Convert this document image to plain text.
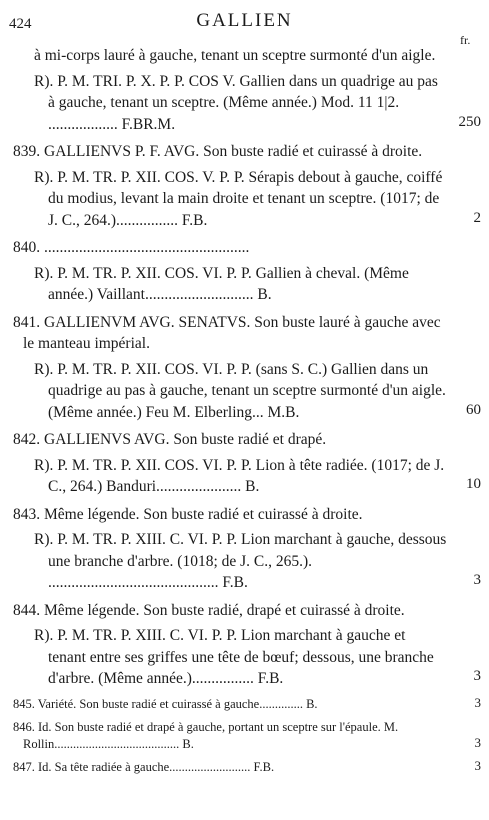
424	GALLIEN
fr.
à mi-corps lauré à gauche, tenant un sceptre surmonté d'un aigle.
R). P. M. TRI. P. X. P. P. COS V. Gallien dans un quadrige au pas à gauche, tenant un sceptre. (Même année.) Mod. 11 1|2. .................. F.BR.M.	250
839. GALLIENVS P. F. AVG. Son buste radié et cuirassé à droite.
R). P. M. TR. P. XII. COS. V. P. P. Sérapis debout à gauche, coiffé du modius, levant la main droite et tenant un sceptre. (1017; de J. C., 264.)................ F.B.	2
840. .....................................................
R). P. M. TR. P. XII. COS. VI. P. P. Gallien à cheval. (Même année.) Vaillant............................ B.
841. GALLIENVM AVG. SENATVS. Son buste lauré à gauche avec le manteau impérial.
R). P. M. TR. P. XII. COS. VI. P. P. (sans S. C.) Gallien dans un quadrige au pas à gauche, tenant un sceptre surmonté d'un aigle. (Même année.) Feu M. Elberling... M.B.	60
842. GALLIENVS AVG. Son buste radié et drapé.
R). P. M. TR. P. XII. COS. VI. P. P. Lion à tête radiée. (1017; de J. C., 264.) Banduri...................... B.	10
843. Même légende. Son buste radié et cuirassé à droite.
R). P. M. TR. P. XIII. C. VI. P. P. Lion marchant à gauche, dessous une branche d'arbre. (1018; de J. C., 265.). ............................................ F.B.	3
844. Même légende. Son buste radié, drapé et cuirassé à droite.
R). P. M. TR. P. XIII. C. VI. P. P. Lion marchant à gauche et tenant entre ses griffes une tête de bœuf; dessous, une branche d'arbre. (Même année.)................ F.B.	3
845. Variété. Son buste radié et cuirassé à gauche.............. B.	3
846. Id. Son buste radié et drapé à gauche, portant un sceptre sur l'épaule. M. Rollin........................................ B.	3
847. Id. Sa tête radiée à gauche.......................... F.B.	3
